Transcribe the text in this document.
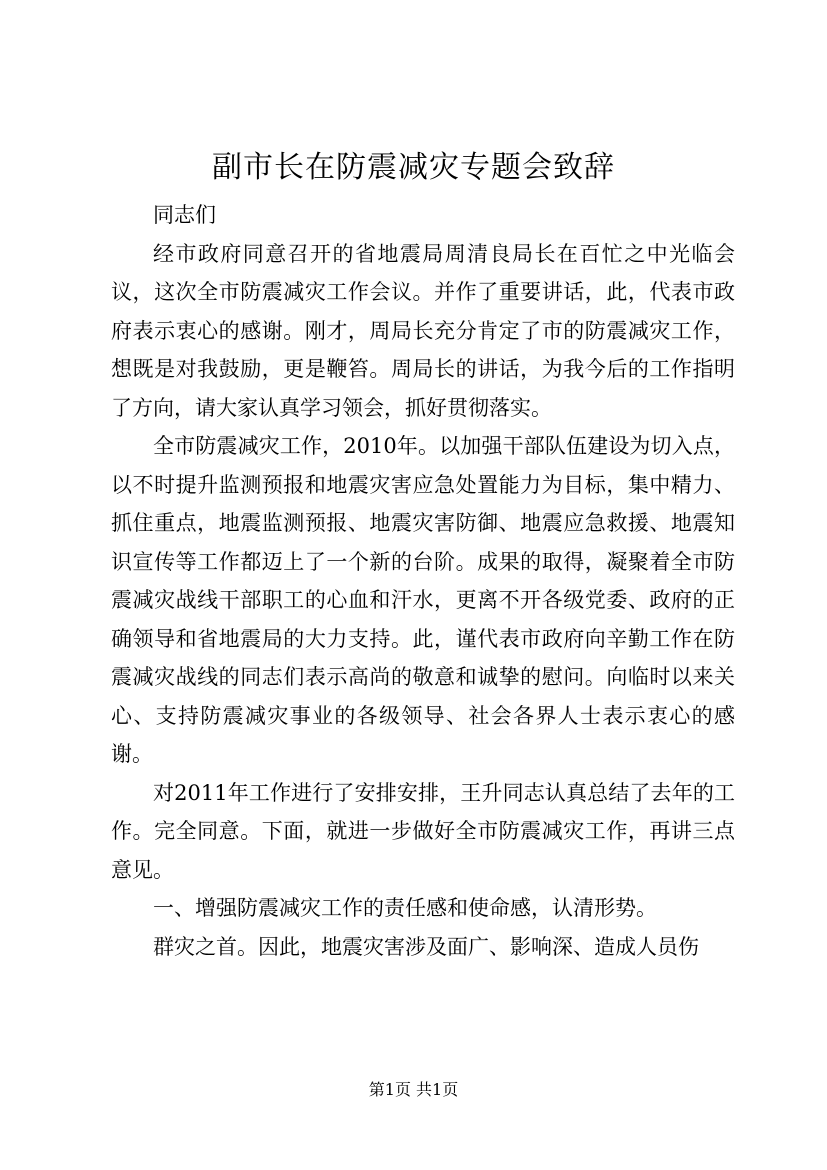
副市长在防震减灾专题会致辞

同志们

经市政府同意召开的省地震局周清良局长在百忙之中光临会议，这次全市防震减灾工作会议。并作了重要讲话，此，代表市政府表示衷心的感谢。刚才，周局长充分肯定了市的防震减灾工作，想既是对我鼓励，更是鞭笞。周局长的讲话，为我今后的工作指明了方向，请大家认真学习领会，抓好贯彻落实。

全市防震减灾工作，2010年。以加强干部队伍建设为切入点，以不时提升监测预报和地震灾害应急处置能力为目标，集中精力、抓住重点，地震监测预报、地震灾害防御、地震应急救援、地震知识宣传等工作都迈上了一个新的台阶。成果的取得，凝聚着全市防震减灾战线干部职工的心血和汗水，更离不开各级党委、政府的正确领导和省地震局的大力支持。此，谨代表市政府向辛勤工作在防震减灾战线的同志们表示高尚的敬意和诚挚的慰问。向临时以来关心、支持防震减灾事业的各级领导、社会各界人士表示衷心的感谢。

对2011年工作进行了安排安排，王升同志认真总结了去年的工作。完全同意。下面，就进一步做好全市防震减灾工作，再讲三点意见。

一、增强防震减灾工作的责任感和使命感，认清形势。

群灾之首。因此，地震灾害涉及面广、影响深、造成人员伤

第1页 共1页
